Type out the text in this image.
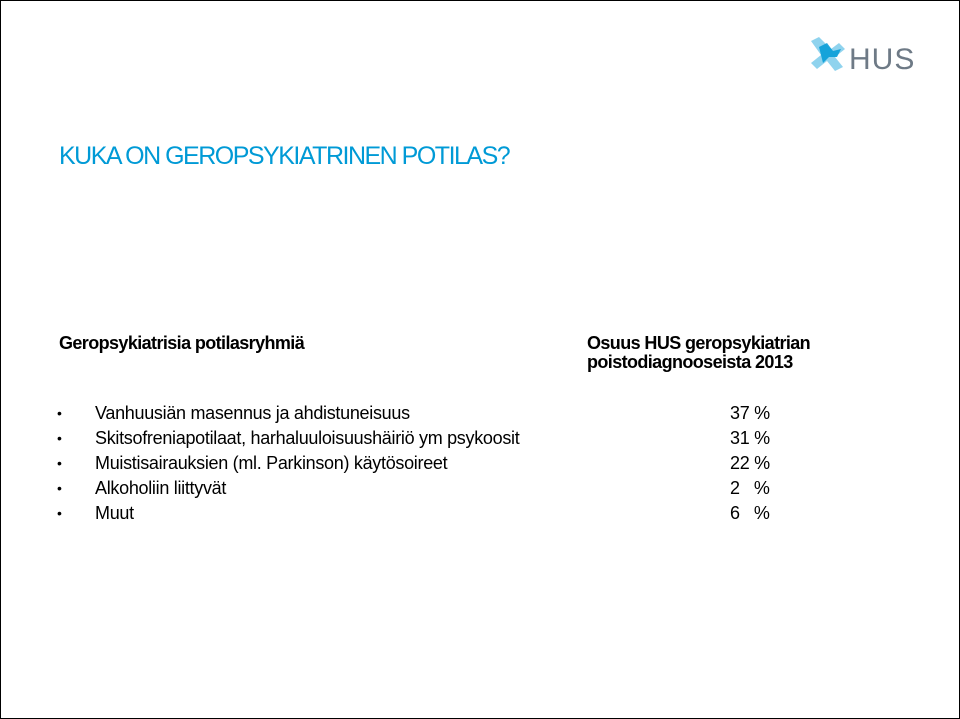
HUS
KUKA ON GEROPSYKIATRINEN POTILAS?
Geropsykiatrisia potilasryhmiä	Osuus HUS geropsykiatrian
poistodiagnooseista 2013
• Vanhuusiän masennus ja ahdistuneisuus	37 %
• Skitsofreniapotilaat, harhaluuloisuushäiriö ym psykoosit	31 %
• Muistisairauksien (ml. Parkinson) käytösoireet	22 %
• Alkoholiin liittyvät	2   %
• Muut	6   %
